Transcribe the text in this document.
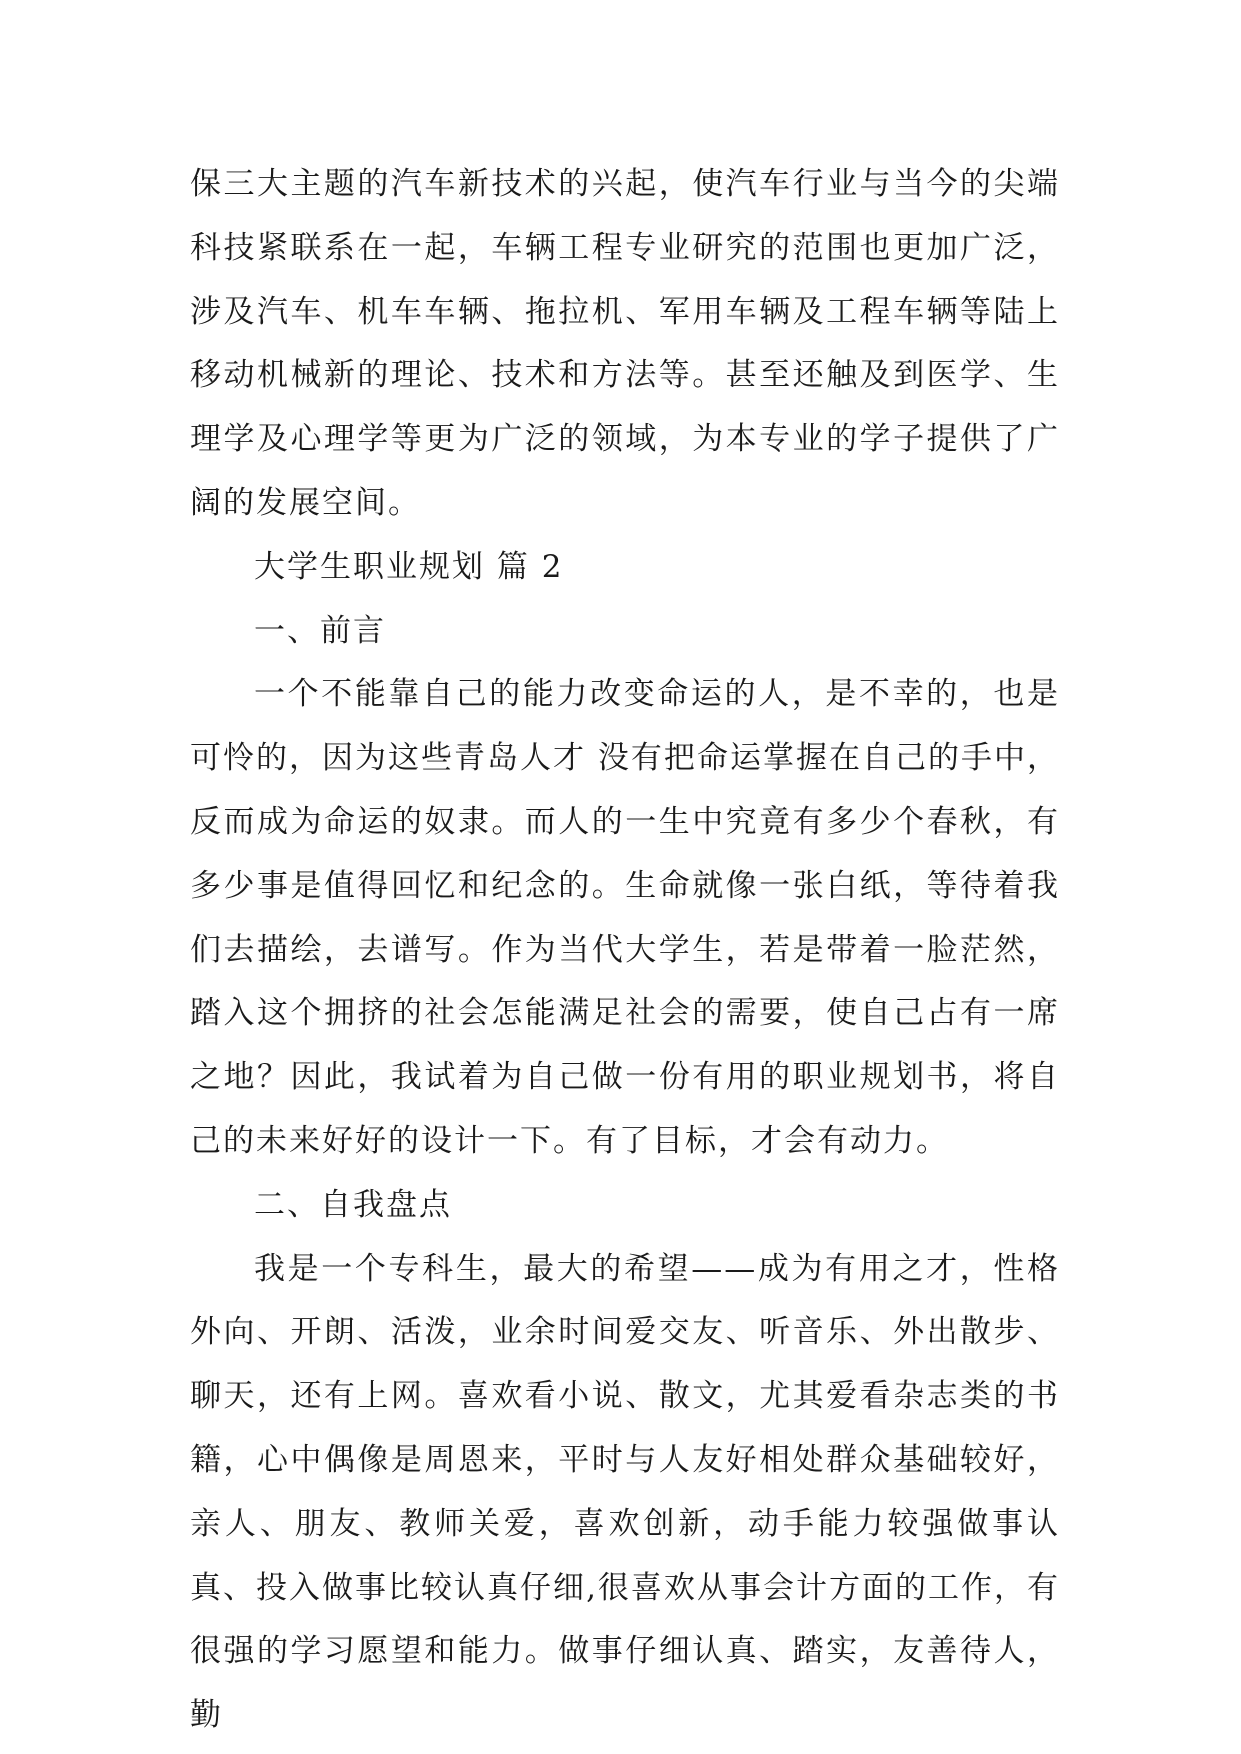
保三大主题的汽车新技术的兴起，使汽车行业与当今的尖端科技紧联系在一起，车辆工程专业研究的范围也更加广泛，涉及汽车、机车车辆、拖拉机、军用车辆及工程车辆等陆上移动机械新的理论、技术和方法等。甚至还触及到医学、生理学及心理学等更为广泛的领域，为本专业的学子提供了广阔的发展空间。

大学生职业规划 篇 2

一、前言

一个不能靠自己的能力改变命运的人，是不幸的，也是可怜的，因为这些青岛人才 没有把命运掌握在自己的手中，反而成为命运的奴隶。而人的一生中究竟有多少个春秋，有多少事是值得回忆和纪念的。生命就像一张白纸，等待着我们去描绘，去谱写。作为当代大学生，若是带着一脸茫然，踏入这个拥挤的社会怎能满足社会的需要，使自己占有一席之地？因此，我试着为自己做一份有用的职业规划书，将自己的未来好好的设计一下。有了目标，才会有动力。

二、自我盘点

我是一个专科生，最大的希望——成为有用之才，性格外向、开朗、活泼，业余时间爱交友、听音乐、外出散步、聊天，还有上网。喜欢看小说、散文，尤其爱看杂志类的书籍，心中偶像是周恩来，平时与人友好相处群众基础较好，亲人、朋友、教师关爱，喜欢创新，动手能力较强做事认真、投入做事比较认真仔细,很喜欢从事会计方面的工作，有很强的学习愿望和能力。做事仔细认真、踏实，友善待人，勤
